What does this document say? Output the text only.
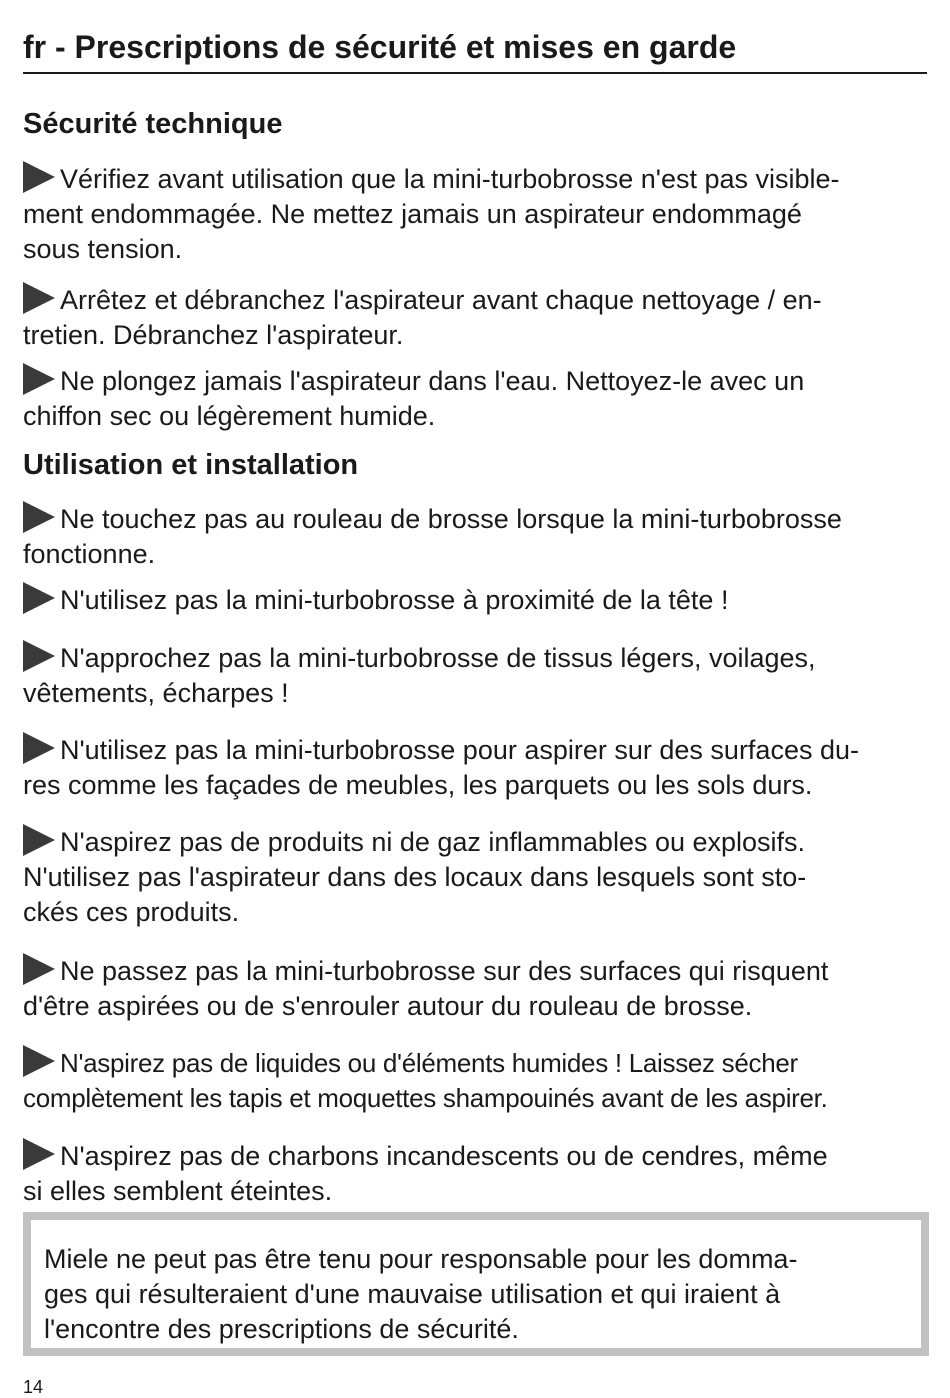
fr - Prescriptions de sécurité et mises en garde
Sécurité technique

Vérifiez avant utilisation que la mini-turbobrosse n'est pas visible-
ment endommagée. Ne mettez jamais un aspirateur endommagé
sous tension.

Arrêtez et débranchez l'aspirateur avant chaque nettoyage / en-
tretien. Débranchez l'aspirateur.

Ne plongez jamais l'aspirateur dans l'eau. Nettoyez-le avec un
chiffon sec ou légèrement humide.

Utilisation et installation

Ne touchez pas au rouleau de brosse lorsque la mini-turbobrosse
fonctionne.

N'utilisez pas la mini-turbobrosse à proximité de la tête !

N'approchez pas la mini-turbobrosse de tissus légers, voilages,
vêtements, écharpes !

N'utilisez pas la mini-turbobrosse pour aspirer sur des surfaces du-
res comme les façades de meubles, les parquets ou les sols durs.

N'aspirez pas de produits ni de gaz inflammables ou explosifs.
N'utilisez pas l'aspirateur dans des locaux dans lesquels sont sto-
ckés ces produits.

Ne passez pas la mini-turbobrosse sur des surfaces qui risquent
d'être aspirées ou de s'enrouler autour du rouleau de brosse.

N'aspirez pas de liquides ou d'éléments humides ! Laissez sécher
complètement les tapis et moquettes shampouinés avant de les aspirer.

N'aspirez pas de charbons incandescents ou de cendres, même
si elles semblent éteintes.

Miele ne peut pas être tenu pour responsable pour les domma-
ges qui résulteraient d'une mauvaise utilisation et qui iraient à
l'encontre des prescriptions de sécurité.

14
